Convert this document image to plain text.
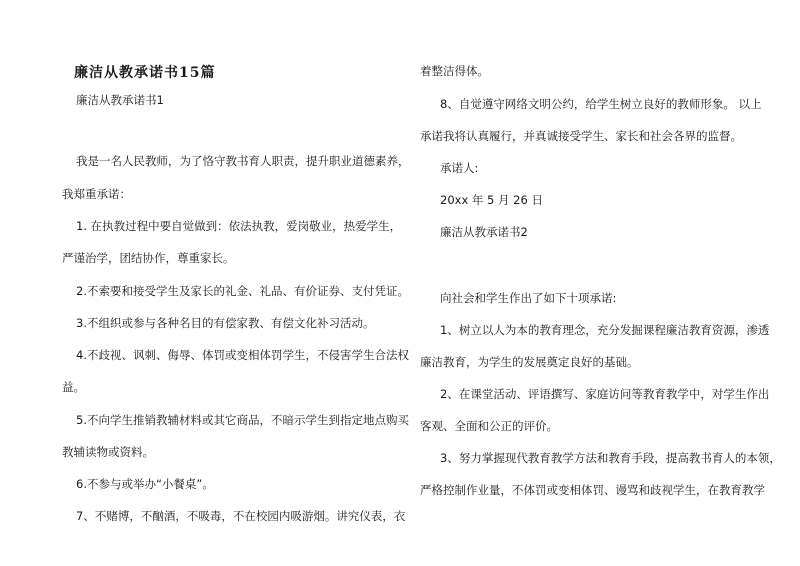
廉洁从教承诺书15篇
廉洁从教承诺书1
我是一名人民教师，为了恪守教书育人职责，提升职业道德素养，
我郑重承诺：
1. 在执教过程中要自觉做到：依法执教，爱岗敬业，热爱学生，
严谨治学，团结协作，尊重家长。
2.不索要和接受学生及家长的礼金、礼品、有价证券、支付凭证。
3.不组织或参与各种名目的有偿家教、有偿文化补习活动。
4.不歧视、讽刺、侮辱、体罚或变相体罚学生，不侵害学生合法权
益。
5.不向学生推销教辅材料或其它商品，不暗示学生到指定地点购买
教辅读物或资料。
6.不参与或举办“小餐桌”。
7、不赌博，不酗酒，不吸毒，不在校园内吸游烟。讲究仪表，衣
着整洁得体。
8、自觉遵守网络文明公约，给学生树立良好的教师形象。 以上
承诺我将认真履行，并真诚接受学生、家长和社会各界的监督。
承诺人:
20xx 年 5 月 26 日
廉洁从教承诺书2
向社会和学生作出了如下十项承诺:
1、树立以人为本的教育理念，充分发掘课程廉洁教育资源，渗透
廉洁教育，为学生的发展奠定良好的基础。
2、在课堂活动、评语撰写、家庭访问等教育教学中，对学生作出
客观、全面和公正的评价。
3、努力掌握现代教育教学方法和教育手段，提高教书育人的本领，
严格控制作业量，不体罚或变相体罚、谩骂和歧视学生，在教育教学
